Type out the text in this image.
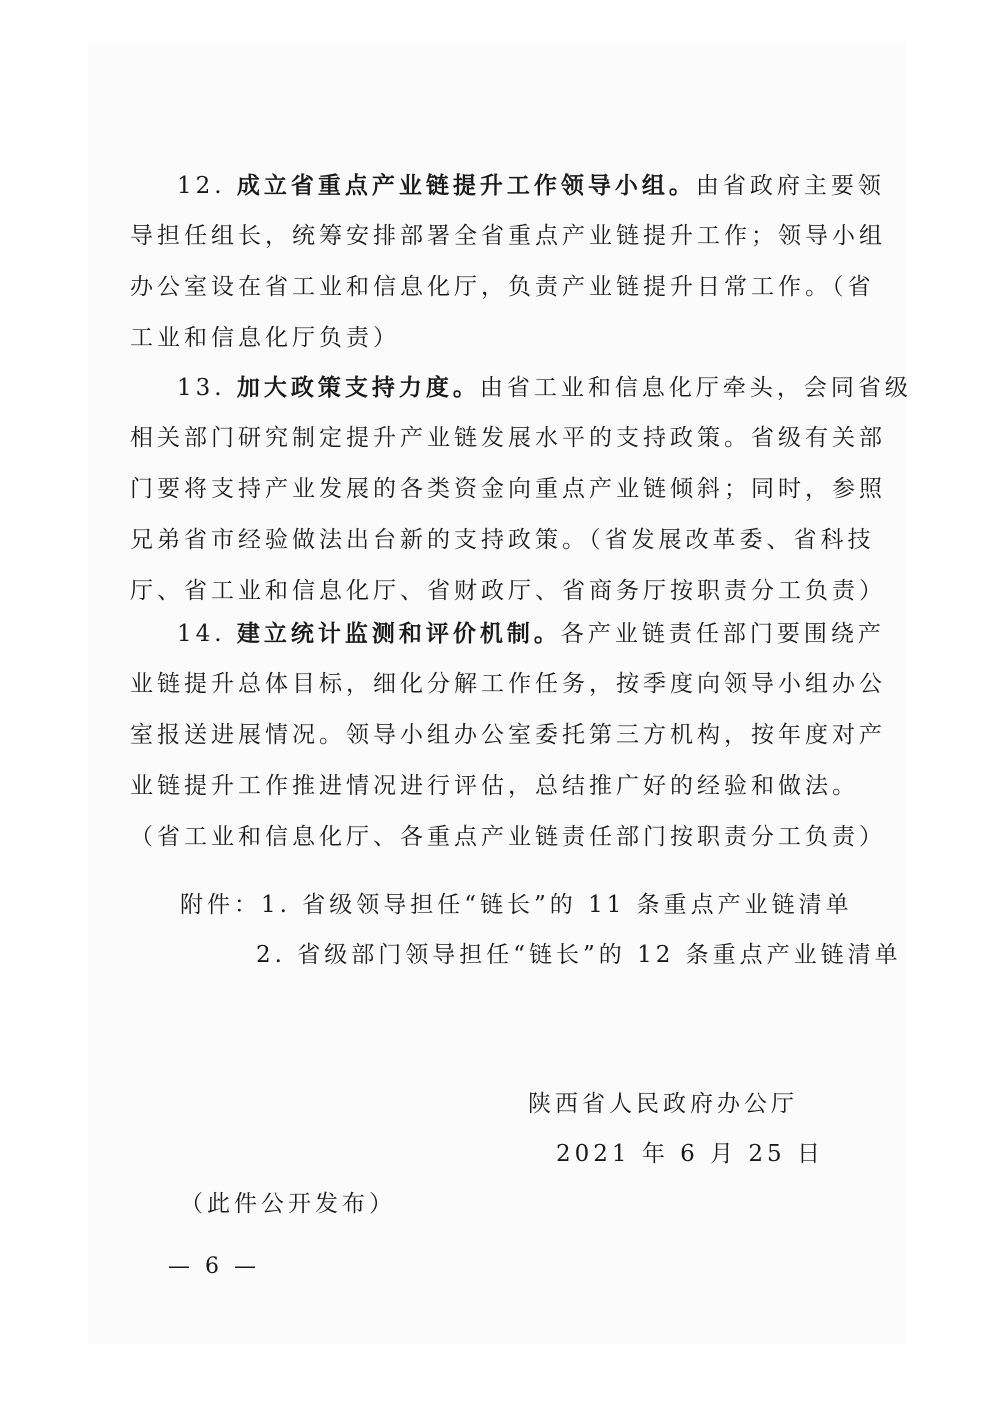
12. 成立省重点产业链提升工作领导小组。由省政府主要领
导担任组长，统筹安排部署全省重点产业链提升工作；领导小组
办公室设在省工业和信息化厅，负责产业链提升日常工作。（省
工业和信息化厅负责）
13. 加大政策支持力度。由省工业和信息化厅牵头，会同省级
相关部门研究制定提升产业链发展水平的支持政策。省级有关部
门要将支持产业发展的各类资金向重点产业链倾斜；同时，参照
兄弟省市经验做法出台新的支持政策。（省发展改革委、省科技
厅、省工业和信息化厅、省财政厅、省商务厅按职责分工负责）
14. 建立统计监测和评价机制。各产业链责任部门要围绕产
业链提升总体目标，细化分解工作任务，按季度向领导小组办公
室报送进展情况。领导小组办公室委托第三方机构，按年度对产
业链提升工作推进情况进行评估，总结推广好的经验和做法。
（省工业和信息化厅、各重点产业链责任部门按职责分工负责）
附件：1. 省级领导担任“链长”的 11 条重点产业链清单
2. 省级部门领导担任“链长”的 12 条重点产业链清单
陕西省人民政府办公厅
2021 年 6 月 25 日
（此件公开发布）
— 6 —
